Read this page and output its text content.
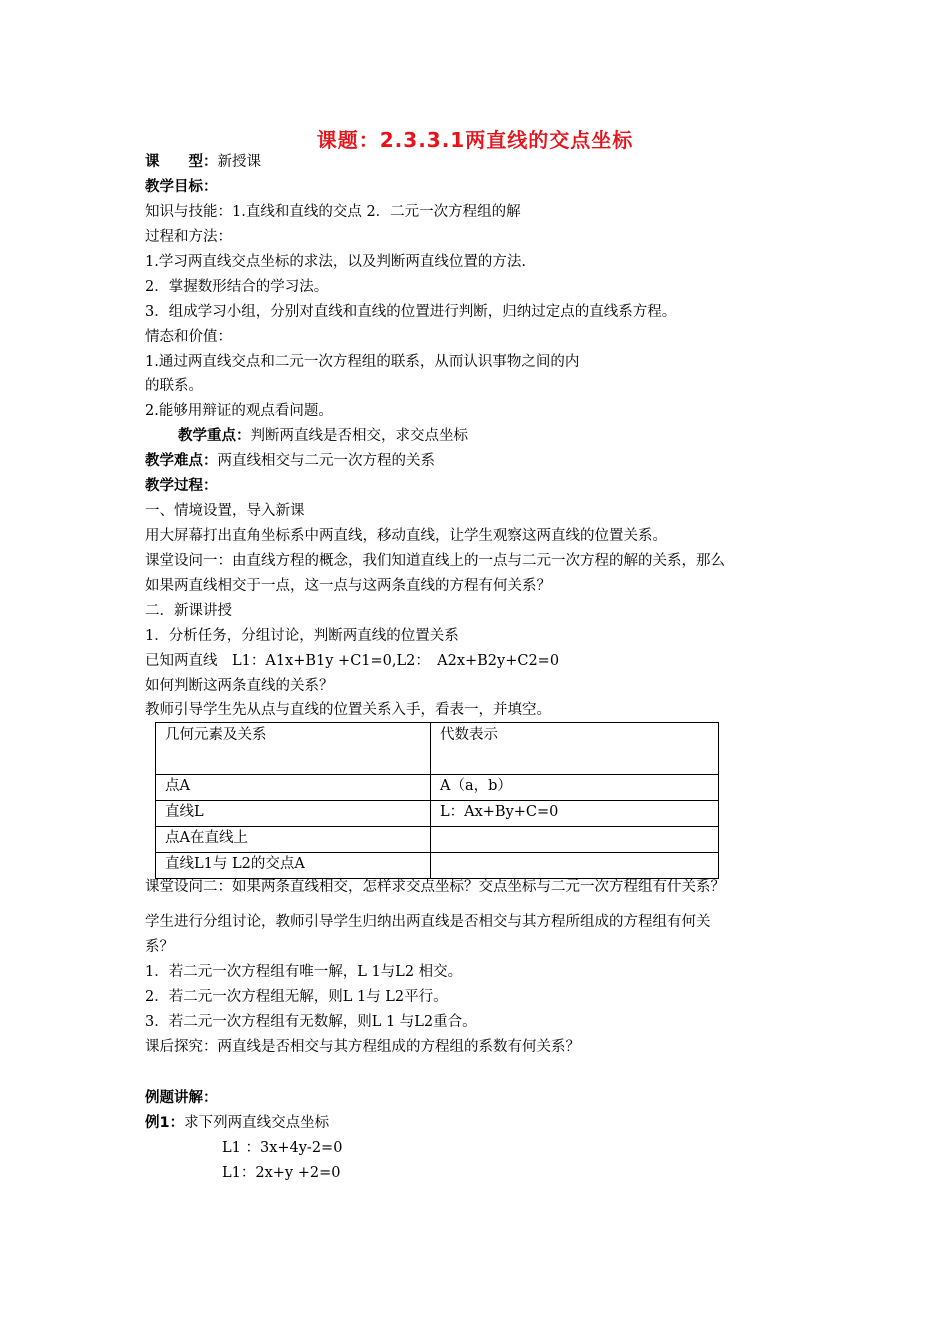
课题：2.3.3.1两直线的交点坐标
课　　型：新授课
教学目标：
知识与技能：1.直线和直线的交点 2．二元一次方程组的解
过程和方法：
1.学习两直线交点坐标的求法，以及判断两直线位置的方法.
2．掌握数形结合的学习法。
3．组成学习小组，分别对直线和直线的位置进行判断，归纳过定点的直线系方程。
情态和价值：
1.通过两直线交点和二元一次方程组的联系，从而认识事物之间的内
的联系。
2.能够用辩证的观点看问题。
教学重点：判断两直线是否相交，求交点坐标
教学难点：两直线相交与二元一次方程的关系
教学过程：
一、情境设置，导入新课
用大屏幕打出直角坐标系中两直线，移动直线，让学生观察这两直线的位置关系。
课堂设问一：由直线方程的概念，我们知道直线上的一点与二元一次方程的解的关系，那么
如果两直线相交于一点，这一点与这两条直线的方程有何关系？
二．新课讲授
1．分析任务，分组讨论，判断两直线的位置关系
已知两直线　L1：A1x+B1y +C1=0,L2：　A2x+B2y+C2=0
如何判断这两条直线的关系？
教师引导学生先从点与直线的位置关系入手，看表一，并填空。
几何元素及关系	代数表示
点A	A（a，b）
直线L	L：Ax+By+C=0
点A在直线上	
直线L1与 L2的交点A	
课堂设问二：如果两条直线相交，怎样求交点坐标？交点坐标与二元一次方程组有什关系？
学生进行分组讨论，教师引导学生归纳出两直线是否相交与其方程所组成的方程组有何关
系？
1．若二元一次方程组有唯一解，L 1与L2 相交。
2．若二元一次方程组无解，则L 1与 L2平行。
3．若二元一次方程组有无数解，则L 1 与L2重合。
课后探究：两直线是否相交与其方程组成的方程组的系数有何关系？
例题讲解：
例1：求下列两直线交点坐标
L1 ：3x+4y-2=0
L1：2x+y +2=0
